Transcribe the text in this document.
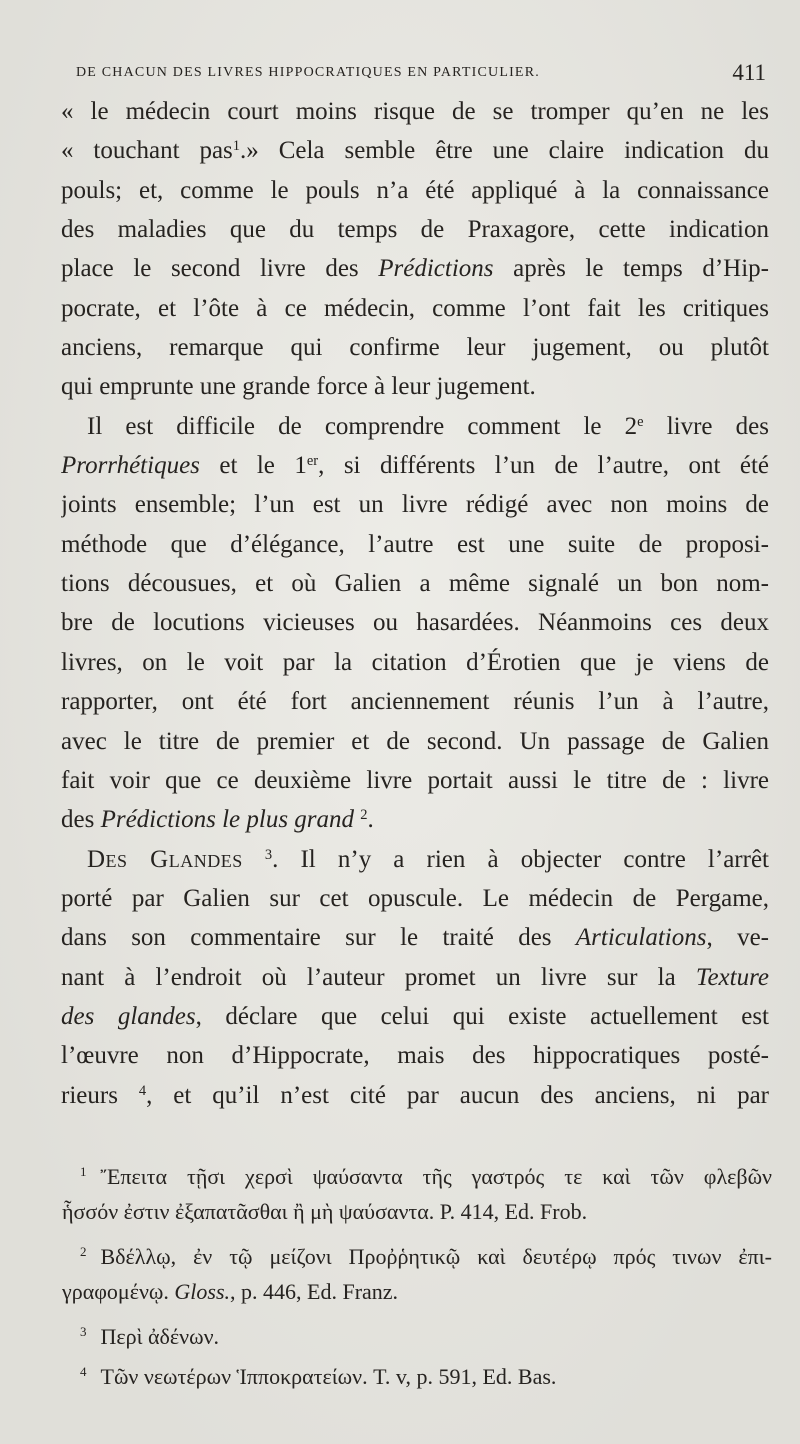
DE CHACUN DES LIVRES HIPPOCRATIQUES EN PARTICULIER.	411
« le médecin court moins risque de se tromper qu’en ne les
« touchant pas$^1$.» Cela semble être une claire indication du
pouls; et, comme le pouls n’a été appliqué à la connaissance
des maladies que du temps de Praxagore, cette indication
place le second livre des Prédictions après le temps d’Hip-
pocrate, et l’ôte à ce médecin, comme l’ont fait les critiques
anciens, remarque qui confirme leur jugement, ou plutôt
qui emprunte une grande force à leur jugement.
Il est difficile de comprendre comment le 2e livre des
Prorrhétiques et le 1er, si différents l’un de l’autre, ont été
joints ensemble; l’un est un livre rédigé avec non moins de
méthode que d’élégance, l’autre est une suite de proposi-
tions décousues, et où Galien a même signalé un bon nom-
bre de locutions vicieuses ou hasardées. Néanmoins ces deux
livres, on le voit par la citation d’Érotien que je viens de
rapporter, ont été fort anciennement réunis l’un à l’autre,
avec le titre de premier et de second. Un passage de Galien
fait voir que ce deuxième livre portait aussi le titre de : livre
des Prédictions le plus grand $^2$.
Des Glandes $^3$. Il n’y a rien à objecter contre l’arrêt
porté par Galien sur cet opuscule. Le médecin de Pergame,
dans son commentaire sur le traité des Articulations, ve-
nant à l’endroit où l’auteur promet un livre sur la Texture
des glandes, déclare que celui qui existe actuellement est
l’œuvre non d’Hippocrate, mais des hippocratiques posté-
rieurs $^4$, et qu’il n’est cité par aucun des anciens, ni par
$^1$ Ἔπειτα τῇσι χερσὶ ψαύσαντα τῆς γαστρός τε καὶ τῶν φλεβῶν
ἧσσόν ἐστιν ἐξαπατᾶσθαι ἢ μὴ ψαύσαντα. P. 414, Ed. Frob.
$^2$ Βδέλλῳ, ἐν τῷ μείζονι Προῤῥητικῷ καὶ δευτέρῳ πρός τινων ἐπι-
γραφομένῳ. Gloss., p. 446, Ed. Franz.
$^3$ Περὶ ἀδένων.
$^4$ Τῶν νεωτέρων Ἱπποκρατείων. T. v, p. 591, Ed. Bas.
